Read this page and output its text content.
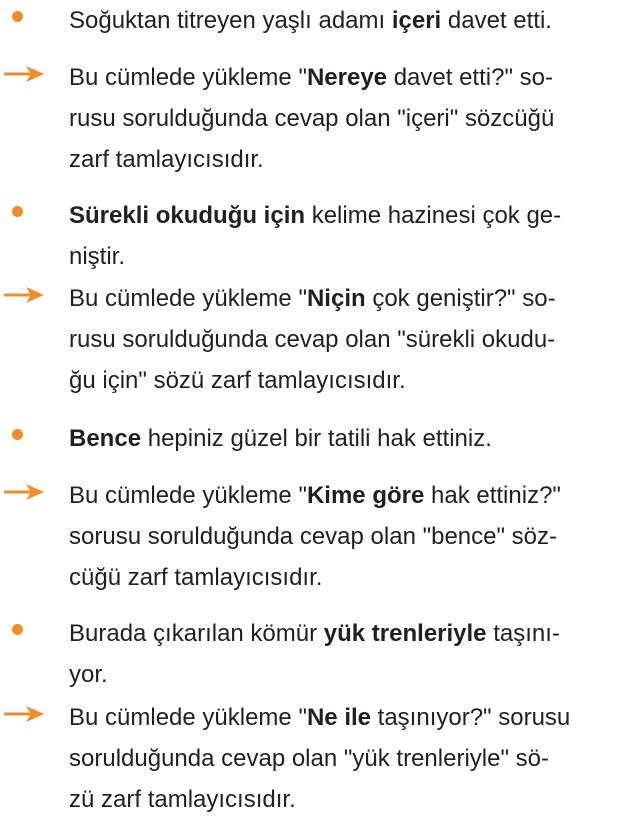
Soğuktan titreyen yaşlı adamı içeri davet etti.
Bu cümlede yükleme "Nereye davet etti?" so-
rusu sorulduğunda cevap olan "içeri" sözcüğü
zarf tamlayıcısıdır.
Sürekli okuduğu için kelime hazinesi çok ge-
niştir.
Bu cümlede yükleme "Niçin çok geniştir?" so-
rusu sorulduğunda cevap olan "sürekli okudu-
ğu için" sözü zarf tamlayıcısıdır.
Bence hepiniz güzel bir tatili hak ettiniz.
Bu cümlede yükleme "Kime göre hak ettiniz?"
sorusu sorulduğunda cevap olan "bence" söz-
cüğü zarf tamlayıcısıdır.
Burada çıkarılan kömür yük trenleriyle taşını-
yor.
Bu cümlede yükleme "Ne ile taşınıyor?" sorusu
sorulduğunda cevap olan "yük trenleriyle" sö-
zü zarf tamlayıcısıdır.
